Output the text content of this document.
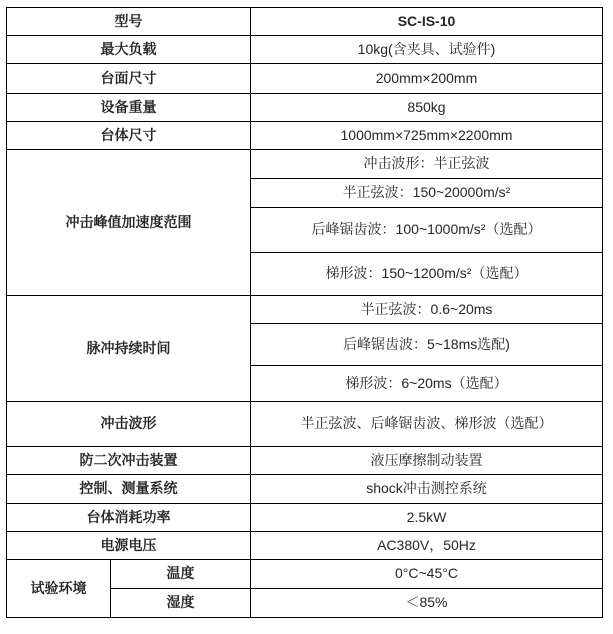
型号		SC-IS-10
最大负载		10kg(含夹具、试验件)
台面尺寸		200mm×200mm
设备重量		850kg
台体尺寸		1000mm×725mm×2200mm
冲击峰值加速度范围		冲击波形：半正弦波
		半正弦波：150~20000m/s²
		后峰锯齿波：100~1000m/s²（选配）
		梯形波：150~1200m/s²（选配）
脉冲持续时间		半正弦波：0.6~20ms
		后峰锯齿波：5~18ms选配)
		梯形波：6~20ms（选配）
冲击波形		半正弦波、后峰锯齿波、梯形波（选配）
防二次冲击装置		液压摩擦制动装置
控制、测量系统		shock冲击测控系统
台体消耗功率		2.5kW
电源电压		AC380V，50Hz
试验环境	温度	0°C~45°C
	湿度	＜85%
